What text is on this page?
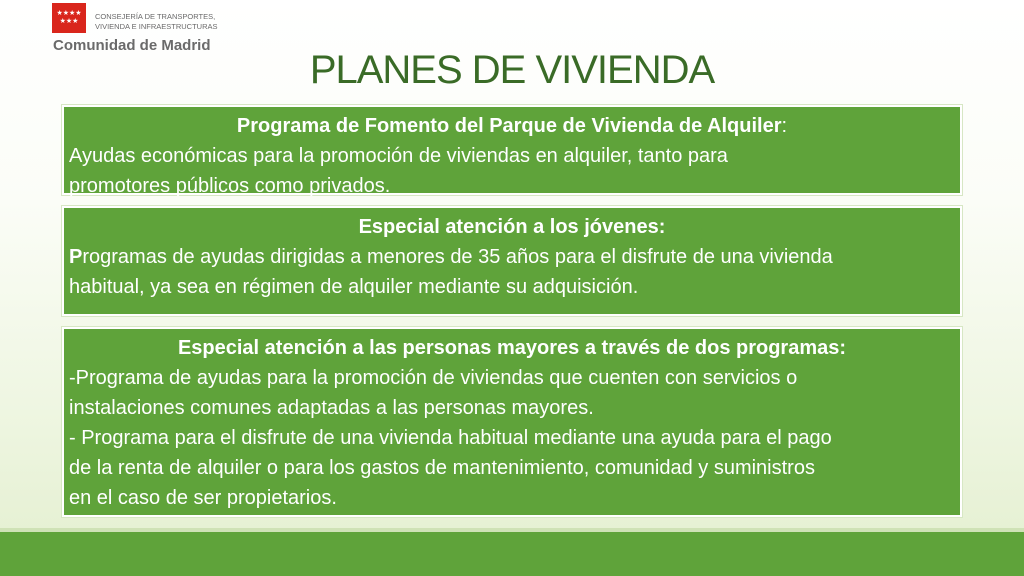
★★★★
★★★	CONSEJERÍA DE TRANSPORTES,
VIVIENDA E INFRAESTRUCTURAS
Comunidad de Madrid
PLANES DE VIVIENDA
Programa de Fomento del Parque de Vivienda de Alquiler:
Ayudas económicas para la promoción de viviendas en alquiler, tanto para
promotores públicos como privados.
Especial atención a los jóvenes:
Programas de ayudas dirigidas a menores de 35 años para el disfrute de una vivienda
habitual, ya sea en régimen de alquiler mediante su adquisición.
Especial atención a las personas mayores a través de dos programas:
-Programa de ayudas para la promoción de viviendas que cuenten con servicios o
instalaciones comunes adaptadas a las personas mayores.
- Programa para el disfrute de una vivienda habitual mediante una ayuda para el pago
de la renta de alquiler o para los gastos de mantenimiento, comunidad y suministros
en el caso de ser propietarios.
